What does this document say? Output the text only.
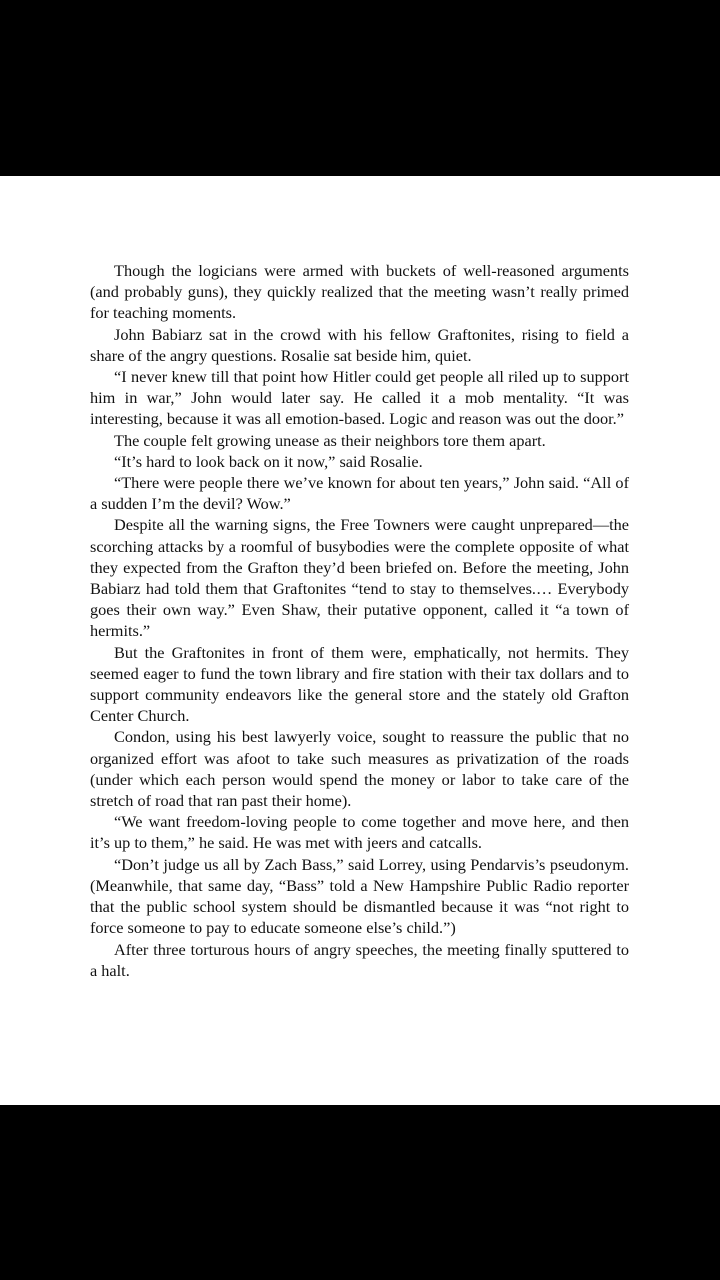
Though the logicians were armed with buckets of well-reasoned arguments (and probably guns), they quickly realized that the meeting wasn’t really primed for teaching moments.

John Babiarz sat in the crowd with his fellow Graftonites, rising to field a share of the angry questions. Rosalie sat beside him, quiet.

“I never knew till that point how Hitler could get people all riled up to support him in war,” John would later say. He called it a mob mentality. “It was interesting, because it was all emotion-based. Logic and reason was out the door.”

The couple felt growing unease as their neighbors tore them apart.

“It’s hard to look back on it now,” said Rosalie.

“There were people there we’ve known for about ten years,” John said. “All of a sudden I’m the devil? Wow.”

Despite all the warning signs, the Free Towners were caught unprepared—the scorching attacks by a roomful of busybodies were the complete opposite of what they expected from the Grafton they’d been briefed on. Before the meeting, John Babiarz had told them that Graftonites “tend to stay to themselves.… Everybody goes their own way.” Even Shaw, their putative opponent, called it “a town of hermits.”

But the Graftonites in front of them were, emphatically, not hermits. They seemed eager to fund the town library and fire station with their tax dollars and to support community endeavors like the general store and the stately old Grafton Center Church.

Condon, using his best lawyerly voice, sought to reassure the public that no organized effort was afoot to take such measures as privatization of the roads (under which each person would spend the money or labor to take care of the stretch of road that ran past their home).

“We want freedom-loving people to come together and move here, and then it’s up to them,” he said. He was met with jeers and catcalls.

“Don’t judge us all by Zach Bass,” said Lorrey, using Pendarvis’s pseudonym. (Meanwhile, that same day, “Bass” told a New Hampshire Public Radio reporter that the public school system should be dismantled because it was “not right to force someone to pay to educate someone else’s child.”)

After three torturous hours of angry speeches, the meeting finally sputtered to a halt.
